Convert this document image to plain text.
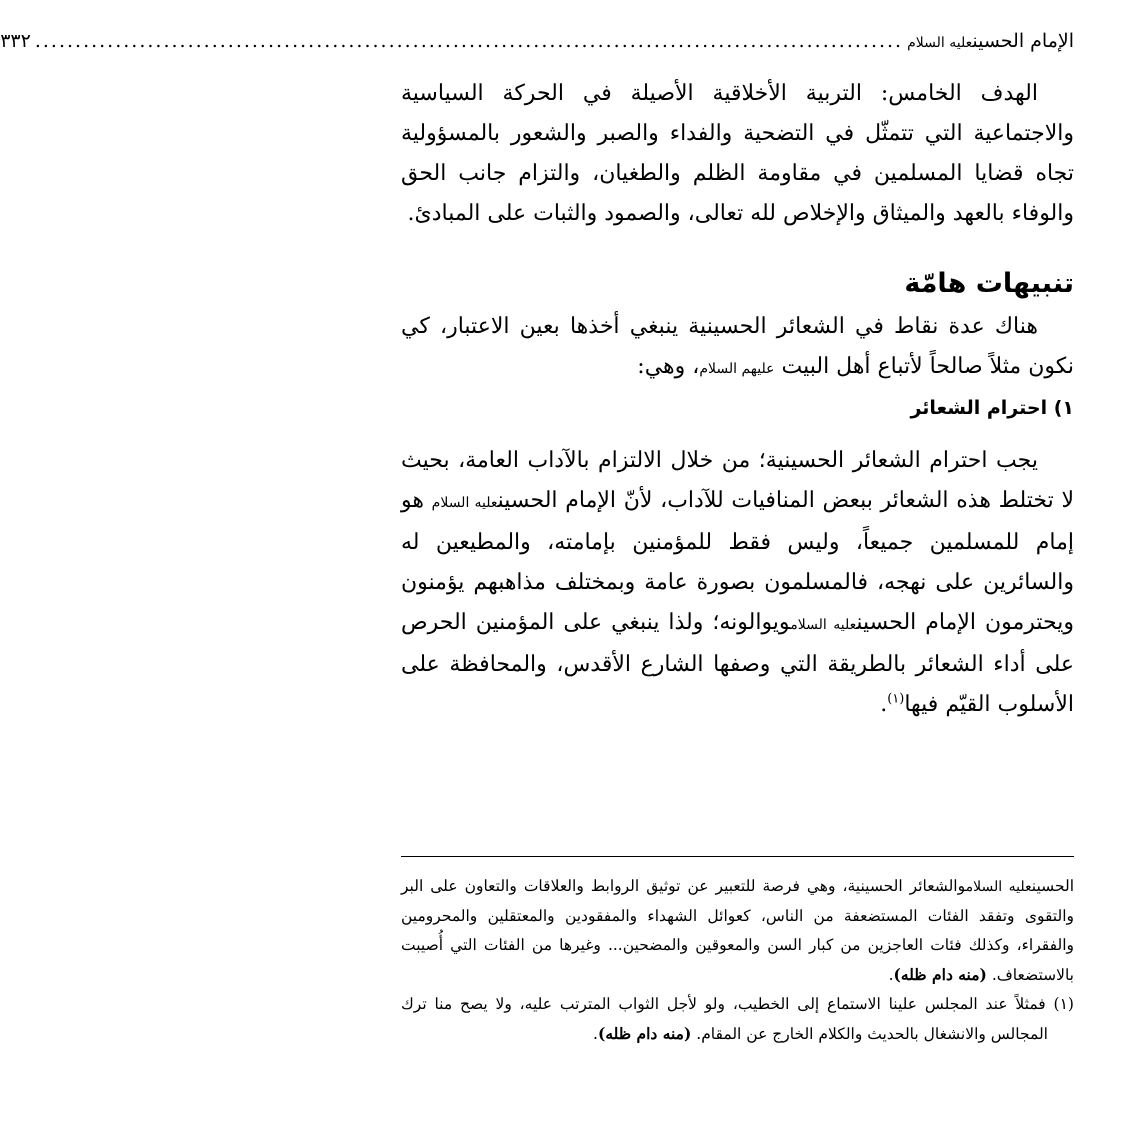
الإمام الحسينعليه السلام
............................................................................................................
٣٣٢

الهدف الخامس: التربية الأخلاقية الأصيلة في الحركة السياسية والاجتماعية التي تتمثّل في التضحية والفداء والصبر والشعور بالمسؤولية تجاه قضايا المسلمين في مقاومة الظلم والطغيان، والتزام جانب الحق والوفاء بالعهد والميثاق والإخلاص لله تعالى، والصمود والثبات على المبادئ.

تنبيهات هامّة

هناك عدة نقاط في الشعائر الحسينية ينبغي أخذها بعين الاعتبار، كي نكون مثلاً صالحاً لأتباع أهل البيت عليهم السلام، وهي:

١) احترام الشعائر

يجب احترام الشعائر الحسينية؛ من خلال الالتزام بالآداب العامة، بحيث لا تختلط هذه الشعائر ببعض المنافيات للآداب، لأنّ الإمام الحسينعليه السلام هو إمام للمسلمين جميعاً، وليس فقط للمؤمنين بإمامته، والمطيعين له والسائرين على نهجه، فالمسلمون بصورة عامة وبمختلف مذاهبهم يؤمنون ويحترمون الإمام الحسينعليه السلامويوالونه؛ ولذا ينبغي على المؤمنين الحرص على أداء الشعائر بالطريقة التي وصفها الشارع الأقدس، والمحافظة على الأسلوب القيّم فيها$^{(١)}$.

الحسينعليه السلاموالشعائر الحسينية، وهي فرصة للتعبير عن توثيق الروابط والعلاقات والتعاون على البر والتقوى وتفقد الفئات المستضعفة من الناس، كعوائل الشهداء والمفقودين والمعتقلين والمحرومين والفقراء، وكذلك فئات العاجزين من كبار السن والمعوقين والمضحين... وغيرها من الفئات التي أُصيبت بالاستضعاف. (منه دام ظله).

(١) فمثلاً عند المجلس علينا الاستماع إلى الخطيب، ولو لأجل الثواب المترتب عليه، ولا يصح منا ترك المجالس والانشغال بالحديث والكلام الخارج عن المقام. (منه دام ظله).
